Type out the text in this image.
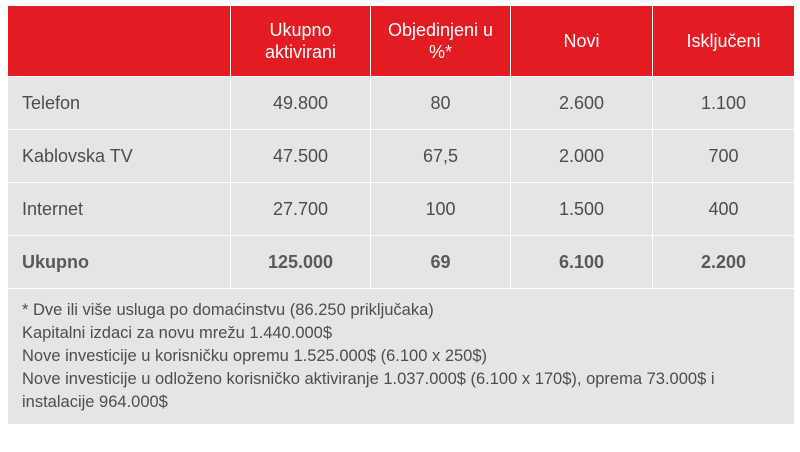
	Ukupno aktivirani	Objedinjeni u %*	Novi	Isključeni
Telefon	49.800	80	2.600	1.100
Kablovska TV	47.500	67,5	2.000	700
Internet	27.700	100	1.500	400
Ukupno	125.000	69	6.100	2.200

* Dve ili više usluga po domaćinstvu (86.250 priključaka)

Kapitalni izdaci za novu mrežu 1.440.000$

Nove investicije u korisničku opremu 1.525.000$ (6.100 x 250$)

Nove investicije u odloženo korisničko aktiviranje 1.037.000$ (6.100 x 170$), oprema 73.000$ i instalacije 964.000$
